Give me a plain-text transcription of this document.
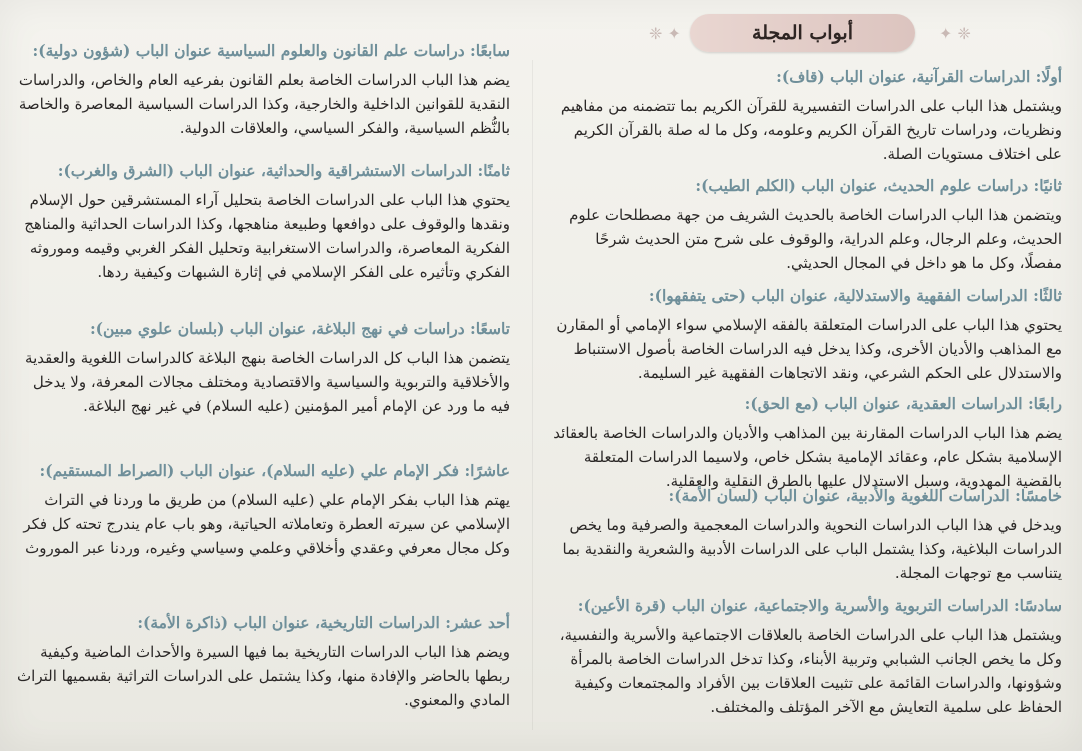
❈ ✦	أبواب المجلة	✦ ❈

أولًا: الدراسات القرآنية، عنوان الباب (قاف):

ويشتمل هذا الباب على الدراسات التفسيرية للقرآن الكريم بما تتضمنه من مفاهيم ونظريات، ودراسات تاريخ القرآن الكريم وعلومه، وكل ما له صلة بالقرآن الكريم على اختلاف مستويات الصلة.

ثانيًا: دراسات علوم الحديث، عنوان الباب (الكلم الطيب):

ويتضمن هذا الباب الدراسات الخاصة بالحديث الشريف من جهة مصطلحات علوم الحديث، وعلم الرجال، وعلم الدراية، والوقوف على شرح متن الحديث شرحًا مفصلًا، وكل ما هو داخل في المجال الحديثي.

ثالثًا: الدراسات الفقهية والاستدلالية، عنوان الباب (حتى يتفقهوا):

يحتوي هذا الباب على الدراسات المتعلقة بالفقه الإسلامي سواء الإمامي أو المقارن مع المذاهب والأديان الأخرى، وكذا يدخل فيه الدراسات الخاصة بأصول الاستنباط والاستدلال على الحكم الشرعي، ونقد الاتجاهات الفقهية غير السليمة.

رابعًا: الدراسات العقدية، عنوان الباب (مع الحق):

يضم هذا الباب الدراسات المقارنة بين المذاهب والأديان والدراسات الخاصة بالعقائد الإسلامية بشكل عام، وعقائد الإمامية بشكل خاص، ولاسيما الدراسات المتعلقة بالقضية المهدوية، وسبل الاستدلال عليها بالطرق النقلية والعقلية.

خامسًا: الدراسات اللغوية والأدبية، عنوان الباب (لسان الأمة):

ويدخل في هذا الباب الدراسات النحوية والدراسات المعجمية والصرفية وما يخص الدراسات البلاغية، وكذا يشتمل الباب على الدراسات الأدبية والشعرية والنقدية بما يتناسب مع توجهات المجلة.

سادسًا: الدراسات التربوية والأسرية والاجتماعية، عنوان الباب (قرة الأعين):

ويشتمل هذا الباب على الدراسات الخاصة بالعلاقات الاجتماعية والأسرية والنفسية، وكل ما يخص الجانب الشبابي وتربية الأبناء، وكذا تدخل الدراسات الخاصة بالمرأة وشؤونها، والدراسات القائمة على تثبيت العلاقات بين الأفراد والمجتمعات وكيفية الحفاظ على سلمية التعايش مع الآخر المؤتلف والمختلف.

سابعًا: دراسات علم القانون والعلوم السياسية عنوان الباب (شؤون دولية):

يضم هذا الباب الدراسات الخاصة بعلم القانون بفرعيه العام والخاص، والدراسات النقدية للقوانين الداخلية والخارجية، وكذا الدراسات السياسية المعاصرة والخاصة بالنُّظم السياسية، والفكر السياسي، والعلاقات الدولية.

ثامنًا: الدراسات الاستشراقية والحداثية، عنوان الباب (الشرق والغرب):

يحتوي هذا الباب على الدراسات الخاصة بتحليل آراء المستشرقين حول الإسلام ونقدها والوقوف على دوافعها وطبيعة مناهجها، وكذا الدراسات الحداثية والمناهج الفكرية المعاصرة، والدراسات الاستغرابية وتحليل الفكر الغربي وقيمه وموروثه الفكري وتأثيره على الفكر الإسلامي في إثارة الشبهات وكيفية ردها.

تاسعًا: دراسات في نهج البلاغة، عنوان الباب (بلسان علوي مبين):

يتضمن هذا الباب كل الدراسات الخاصة بنهج البلاغة كالدراسات اللغوية والعقدية والأخلاقية والتربوية والسياسية والاقتصادية ومختلف مجالات المعرفة، ولا يدخل فيه ما ورد عن الإمام أمير المؤمنين (عليه السلام) في غير نهج البلاغة.

عاشرًا: فكر الإمام علي (عليه السلام)، عنوان الباب (الصراط المستقيم):

يهتم هذا الباب بفكر الإمام علي (عليه السلام) من طريق ما وردنا في التراث الإسلامي عن سيرته العطرة وتعاملاته الحياتية، وهو باب عام يندرج تحته كل فكر وكل مجال معرفي وعقدي وأخلاقي وعلمي وسياسي وغيره، وردنا عبر الموروث

أحد عشر: الدراسات التاريخية، عنوان الباب (ذاكرة الأمة):

ويضم هذا الباب الدراسات التاريخية بما فيها السيرة والأحداث الماضية وكيفية ربطها بالحاضر والإفادة منها، وكذا يشتمل على الدراسات التراثية بقسميها التراث المادي والمعنوي.
